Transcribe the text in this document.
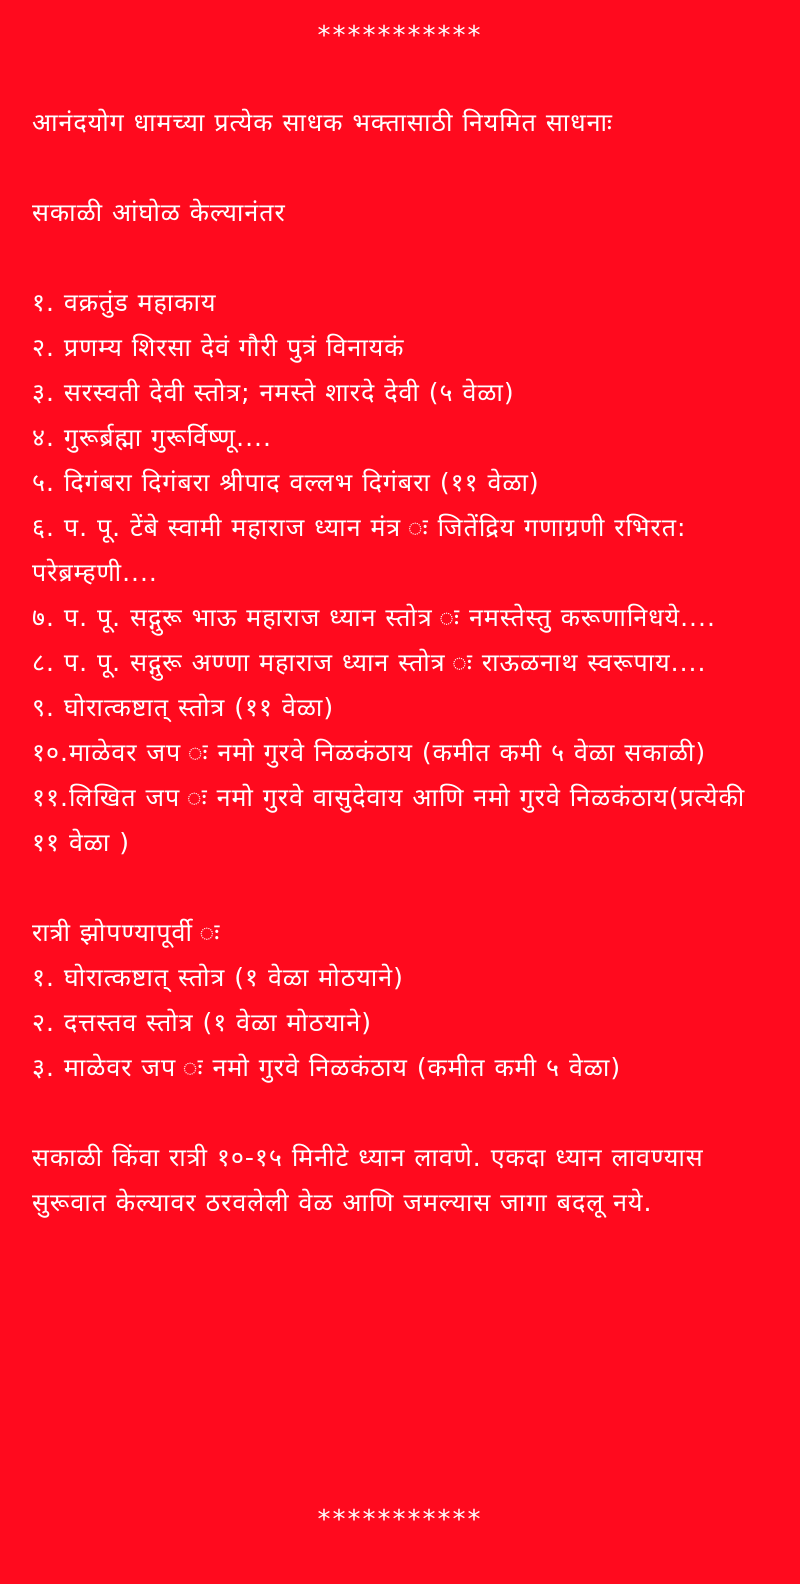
***********
आनंदयोग धामच्या प्रत्येक साधक भक्तासाठी नियमित साधनाः
सकाळी आंघोळ केल्यानंतर
१. वक्रतुंड महाकाय
२. प्रणम्य शिरसा देवं गौरी पुत्रं विनायकं
३. सरस्वती देवी स्तोत्र; नमस्ते शारदे देवी (५ वेळा)
४. गुरूर्ब्रह्मा गुरूर्विष्णू....
५. दिगंबरा दिगंबरा श्रीपाद वल्लभ दिगंबरा (११ वेळा)
६. प. पू. टेंबे स्वामी महाराज ध्यान मंत्र ः जितेंद्रिय गणाग्रणी रभिरत: परेब्रम्हणी....
७. प. पू. सद्गुरू भाऊ महाराज ध्यान स्तोत्र ः नमस्तेस्तु करूणानिधये....
८. प. पू. सद्गुरू अण्णा महाराज ध्यान स्तोत्र ः राऊळनाथ स्वरूपाय....
९. घोरात्कष्टात् स्तोत्र (११ वेळा)
१०.माळेवर जप ः नमो गुरवे निळकंठाय (कमीत कमी ५ वेळा सकाळी)
११.लिखित जप ः नमो गुरवे वासुदेवाय आणि नमो गुरवे निळकंठाय(प्रत्येकी ११ वेळा )
रात्री झोपण्यापूर्वी ः
१. घोरात्कष्टात् स्तोत्र (१ वेळा मोठयाने)
२. दत्तस्तव स्तोत्र (१ वेळा मोठयाने)
३. माळेवर जप ः नमो गुरवे निळकंठाय (कमीत कमी ५ वेळा)
सकाळी किंवा रात्री १०-१५ मिनीटे ध्यान लावणे. एकदा ध्यान लावण्यास सुरूवात केल्यावर ठरवलेली वेळ आणि जमल्यास जागा बदलू नये.
***********
